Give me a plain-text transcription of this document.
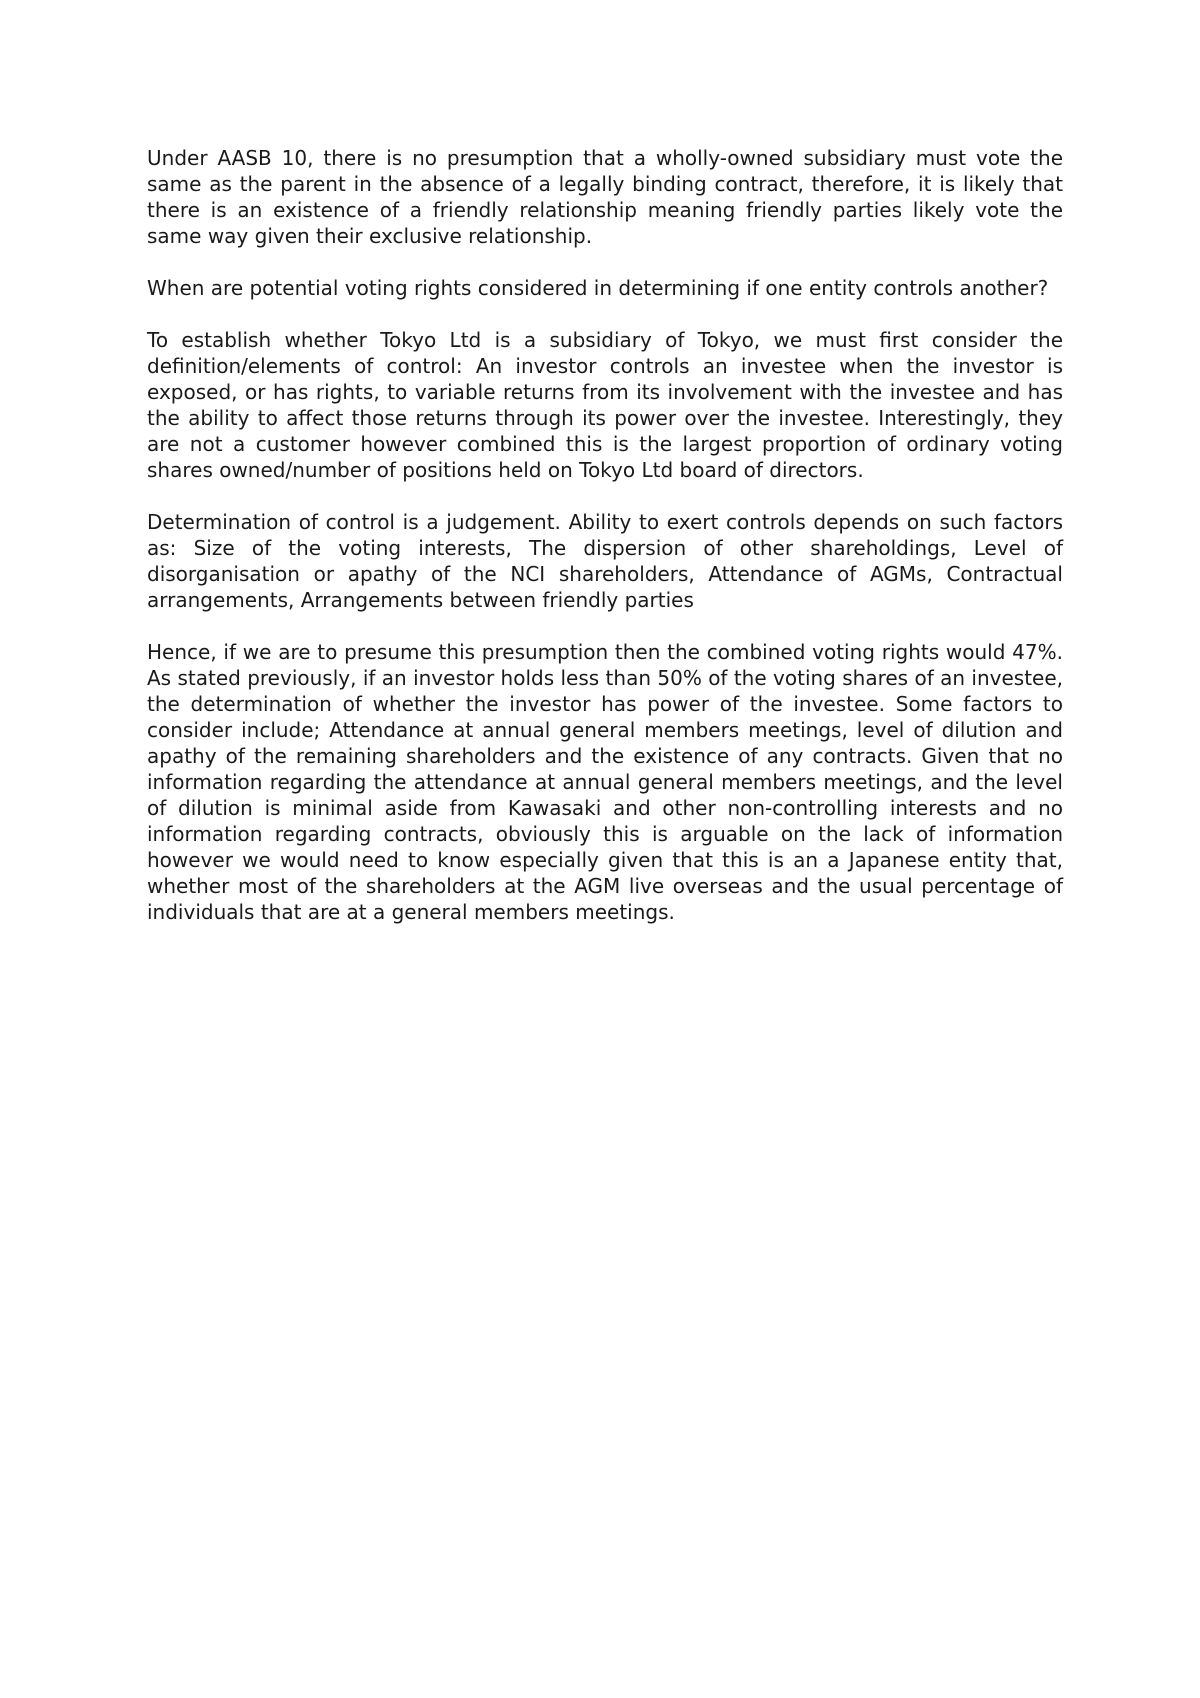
Under AASB 10, there is no presumption that a wholly-owned subsidiary must vote the same as the parent in the absence of a legally binding contract, therefore, it is likely that there is an existence of a friendly relationship meaning friendly parties likely vote the same way given their exclusive relationship.

When are potential voting rights considered in determining if one entity controls another?

To establish whether Tokyo Ltd is a subsidiary of Tokyo, we must first consider the definition/elements of control: An investor controls an investee when the investor is exposed, or has rights, to variable returns from its involvement with the investee and has the ability to affect those returns through its power over the investee. Interestingly, they are not a customer however combined this is the largest proportion of ordinary voting shares owned/number of positions held on Tokyo Ltd board of directors.

Determination of control is a judgement. Ability to exert controls depends on such factors as: Size of the voting interests, The dispersion of other shareholdings, Level of disorganisation or apathy of the NCI shareholders, Attendance of AGMs, Contractual arrangements, Arrangements between friendly parties

Hence, if we are to presume this presumption then the combined voting rights would 47%. As stated previously, if an investor holds less than 50% of the voting shares of an investee, the determination of whether the investor has power of the investee. Some factors to consider include; Attendance at annual general members meetings, level of dilution and apathy of the remaining shareholders and the existence of any contracts. Given that no information regarding the attendance at annual general members meetings, and the level of dilution is minimal aside from Kawasaki and other non-controlling interests and no information regarding contracts, obviously this is arguable on the lack of information however we would need to know especially given that this is an a Japanese entity that, whether most of the shareholders at the AGM live overseas and the usual percentage of individuals that are at a general members meetings.
